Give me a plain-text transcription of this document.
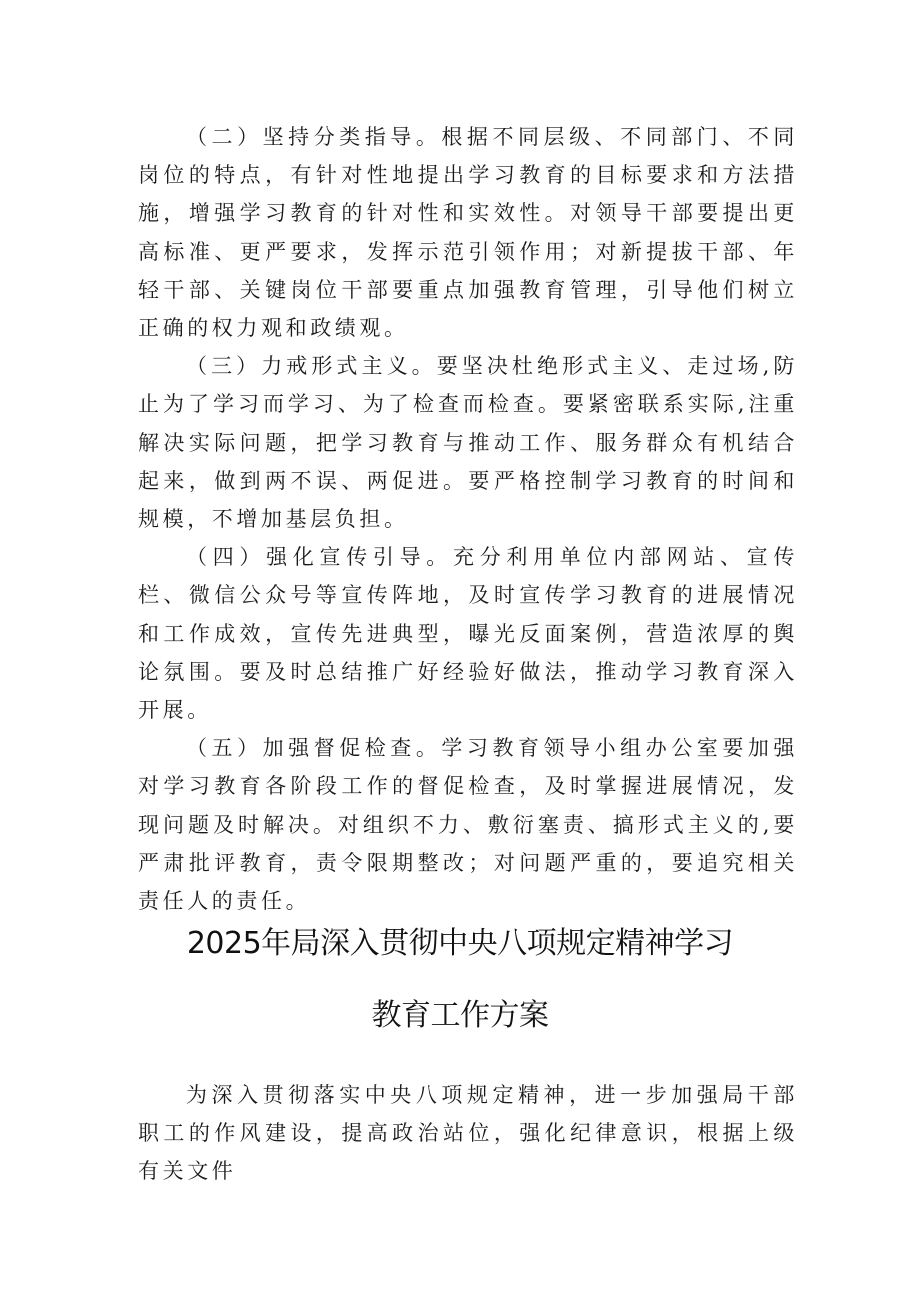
（二）坚持分类指导。根据不同层级、不同部门、不同岗位的特点，有针对性地提出学习教育的目标要求和方法措施，增强学习教育的针对性和实效性。对领导干部要提出更高标准、更严要求，发挥示范引领作用；对新提拔干部、年轻干部、关键岗位干部要重点加强教育管理，引导他们树立正确的权力观和政绩观。

（三）力戒形式主义。要坚决杜绝形式主义、走过场,防止为了学习而学习、为了检查而检查。要紧密联系实际,注重解决实际问题，把学习教育与推动工作、服务群众有机结合起来，做到两不误、两促进。要严格控制学习教育的时间和规模，不增加基层负担。

（四）强化宣传引导。充分利用单位内部网站、宣传栏、微信公众号等宣传阵地，及时宣传学习教育的进展情况和工作成效，宣传先进典型，曝光反面案例，营造浓厚的舆论氛围。要及时总结推广好经验好做法，推动学习教育深入开展。

（五）加强督促检查。学习教育领导小组办公室要加强对学习教育各阶段工作的督促检查，及时掌握进展情况，发现问题及时解决。对组织不力、敷衍塞责、搞形式主义的,要严肃批评教育，责令限期整改；对问题严重的，要追究相关责任人的责任。

2025年局深入贯彻中央八项规定精神学习
教育工作方案

为深入贯彻落实中央八项规定精神，进一步加强局干部职工的作风建设，提高政治站位，强化纪律意识，根据上级有关文件
